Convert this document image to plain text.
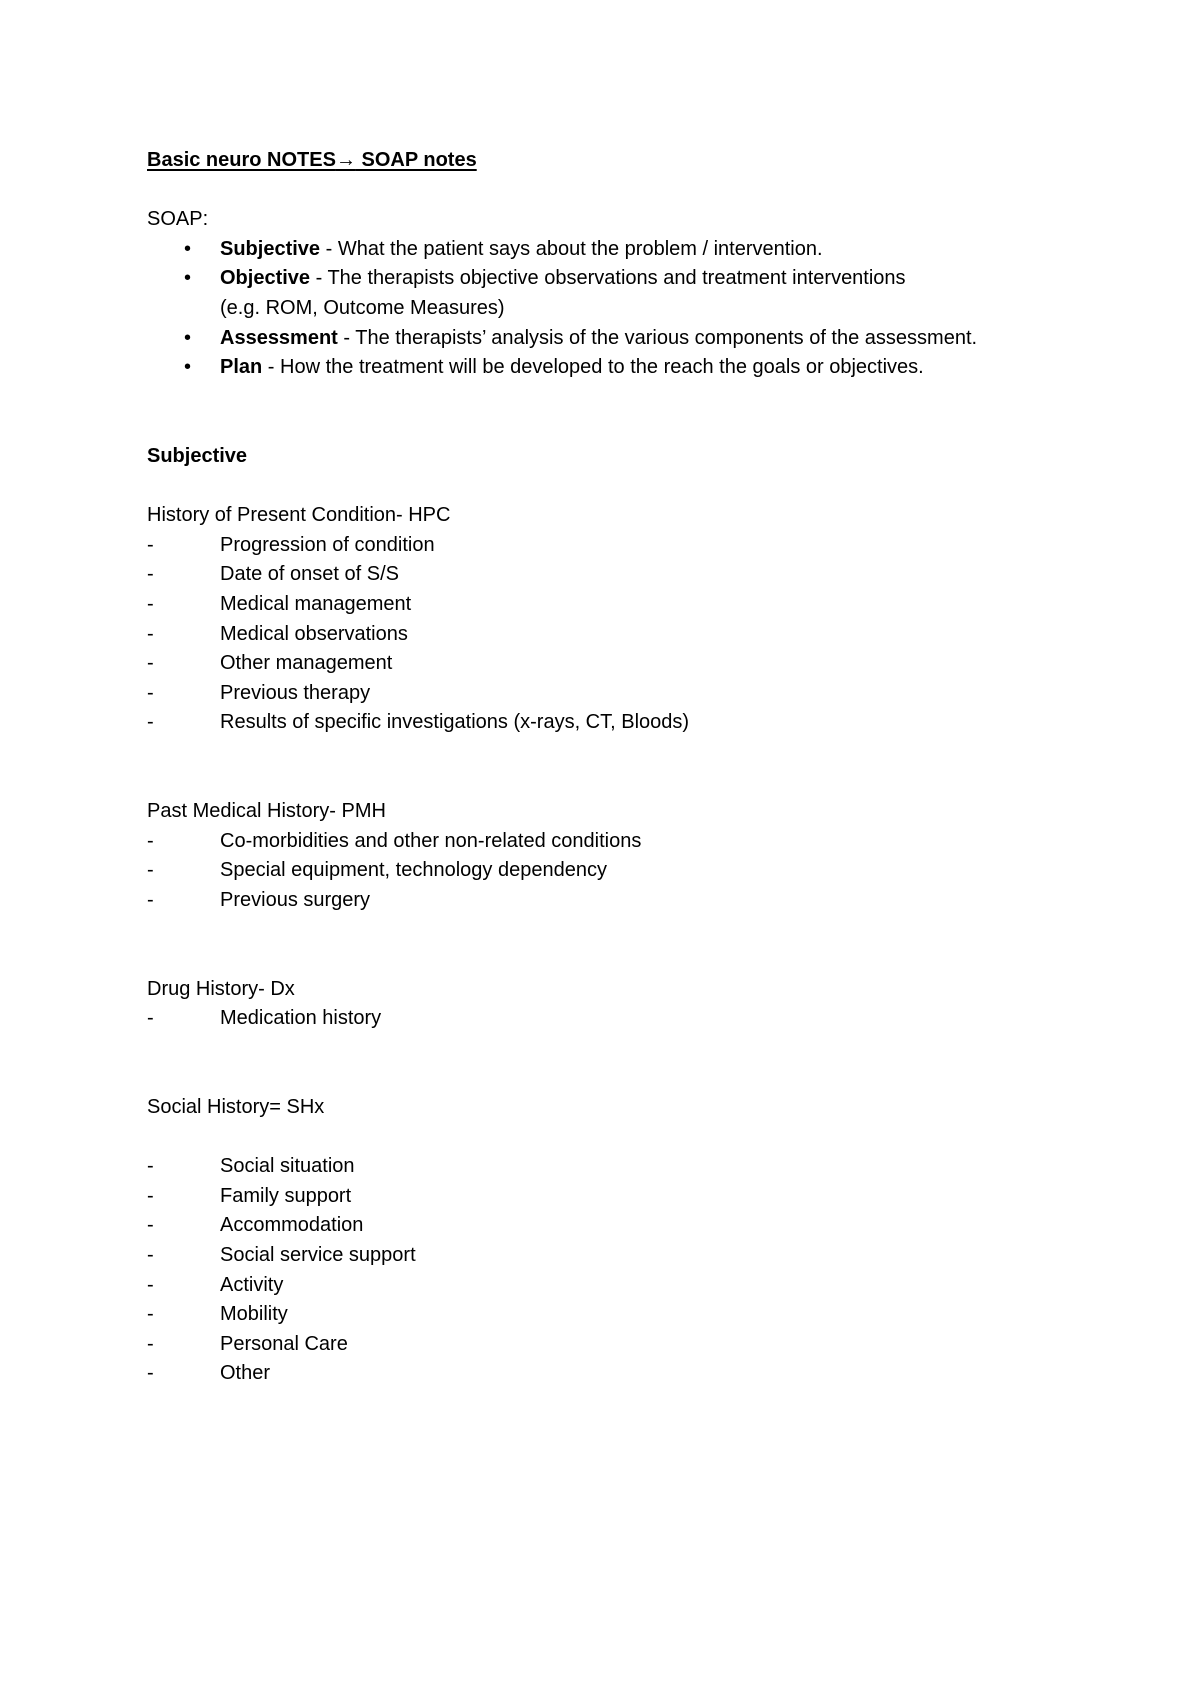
Basic neuro NOTES→ SOAP notes
SOAP:
•	Subjective - What the patient says about the problem / intervention.
•	Objective - The therapists objective observations and treatment interventions
(e.g. ROM, Outcome Measures)
•	Assessment - The therapists’ analysis of the various components of the assessment.
•	Plan - How the treatment will be developed to the reach the goals or objectives.
Subjective
History of Present Condition- HPC
-	Progression of condition
-	Date of onset of S/S
-	Medical management
-	Medical observations
-	Other management
-	Previous therapy
-	Results of specific investigations (x-rays, CT, Bloods)
Past Medical History- PMH
-	Co-morbidities and other non-related conditions
-	Special equipment, technology dependency
-	Previous surgery
Drug History- Dx
-	Medication history
Social History= SHx
-	Social situation
-	Family support
-	Accommodation
-	Social service support
-	Activity
-	Mobility
-	Personal Care
-	Other
